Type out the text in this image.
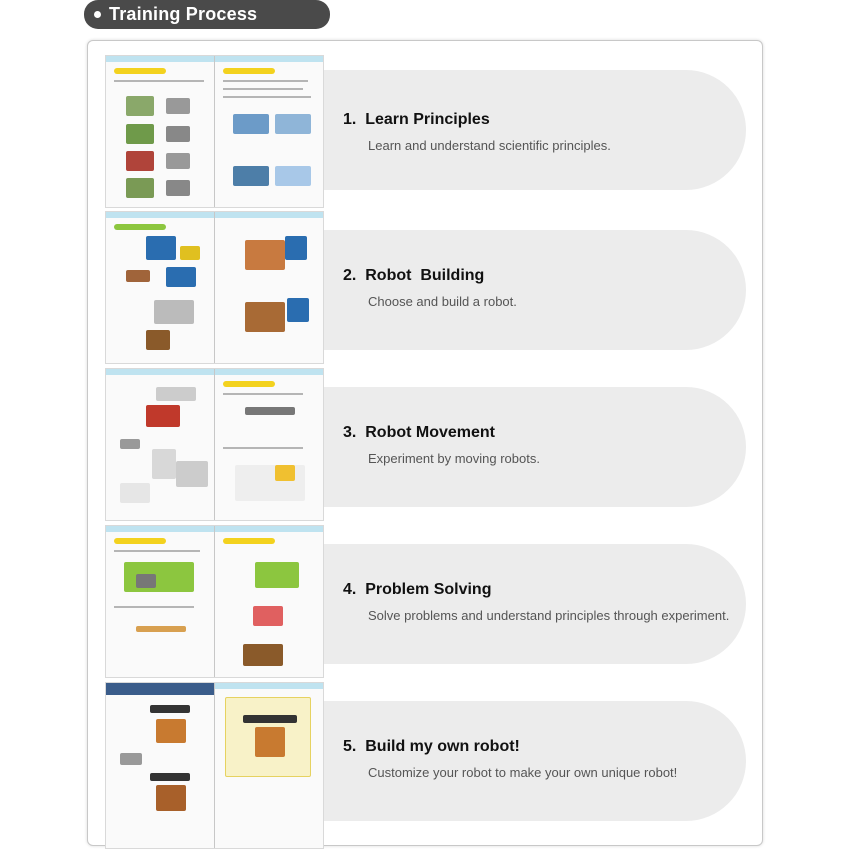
Training Process
1. Learn Principles
Learn and understand scientific principles.
2. Robot  Building
Choose and build a robot.
3. Robot Movement
Experiment by moving robots.
4. Problem Solving
Solve problems and understand principles through experiment.
5. Build my own robot!
Customize your robot to make your own unique robot!
